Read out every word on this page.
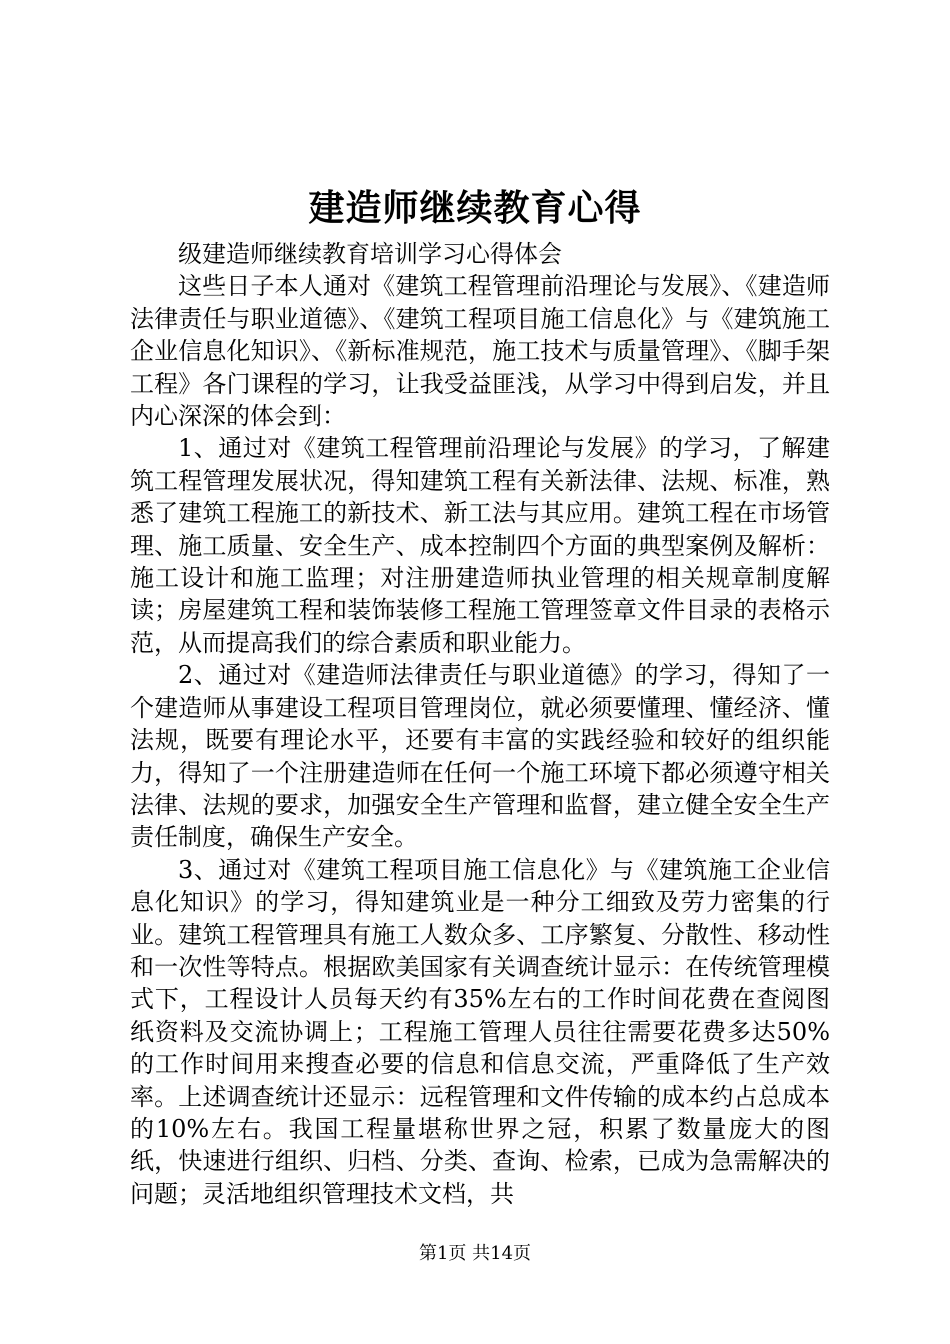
建造师继续教育心得

级建造师继续教育培训学习心得体会

这些日子本人通对《建筑工程管理前沿理论与发展》、《建造师法律责任与职业道德》、《建筑工程项目施工信息化》与《建筑施工企业信息化知识》、《新标准规范，施工技术与质量管理》、《脚手架工程》各门课程的学习，让我受益匪浅，从学习中得到启发，并且内心深深的体会到：

1、通过对《建筑工程管理前沿理论与发展》的学习，了解建筑工程管理发展状况，得知建筑工程有关新法律、法规、标准，熟悉了建筑工程施工的新技术、新工法与其应用。建筑工程在市场管理、施工质量、安全生产、成本控制四个方面的典型案例及解析：施工设计和施工监理；对注册建造师执业管理的相关规章制度解读；房屋建筑工程和装饰装修工程施工管理签章文件目录的表格示范，从而提高我们的综合素质和职业能力。

2、通过对《建造师法律责任与职业道德》的学习，得知了一个建造师从事建设工程项目管理岗位，就必须要懂理、懂经济、懂法规，既要有理论水平，还要有丰富的实践经验和较好的组织能力，得知了一个注册建造师在任何一个施工环境下都必须遵守相关法律、法规的要求，加强安全生产管理和监督，建立健全安全生产责任制度，确保生产安全。

3、通过对《建筑工程项目施工信息化》与《建筑施工企业信息化知识》的学习，得知建筑业是一种分工细致及劳力密集的行业。建筑工程管理具有施工人数众多、工序繁复、分散性、移动性和一次性等特点。根据欧美国家有关调查统计显示：在传统管理模式下，工程设计人员每天约有35%左右的工作时间花费在查阅图纸资料及交流协调上；工程施工管理人员往往需要花费多达50%的工作时间用来搜查必要的信息和信息交流，严重降低了生产效率。上述调查统计还显示：远程管理和文件传输的成本约占总成本的10%左右。我国工程量堪称世界之冠，积累了数量庞大的图纸，快速进行组织、归档、分类、查询、检索，已成为急需解决的问题；灵活地组织管理技术文档，共

第1页 共14页
